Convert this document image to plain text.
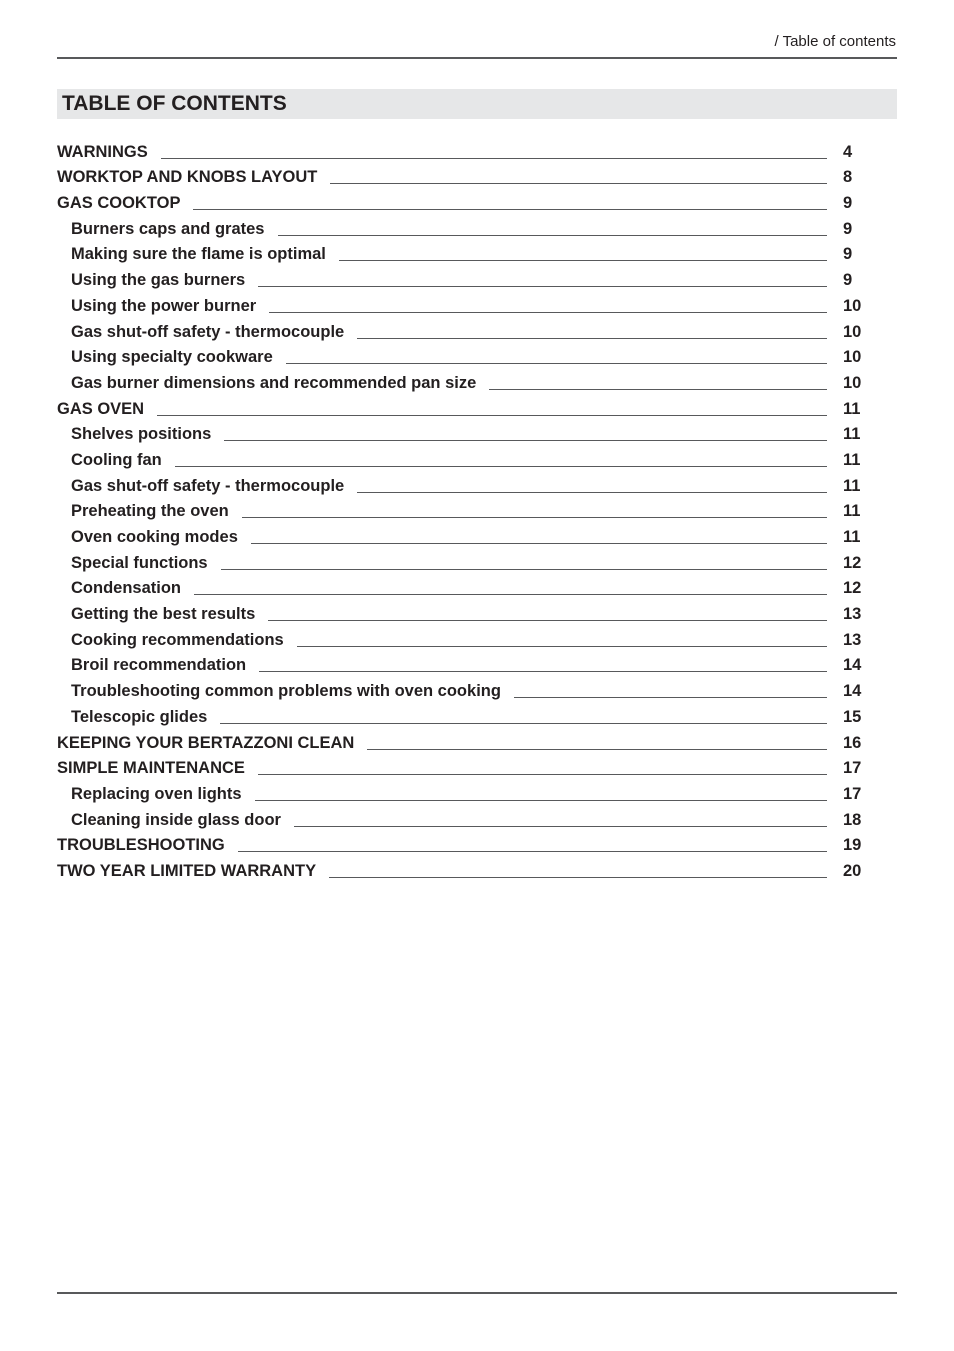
/ Table of contents
TABLE OF CONTENTS
WARNINGS	4
WORKTOP AND KNOBS LAYOUT	8
GAS COOKTOP	9
Burners caps and grates	9
Making sure the flame is optimal	9
Using the gas burners	9
Using the power burner	10
Gas shut-off safety - thermocouple	10
Using specialty cookware	10
Gas burner dimensions and recommended pan size	10
GAS OVEN	11
Shelves positions	11
Cooling fan	11
Gas shut-off safety - thermocouple	11
Preheating the oven	11
Oven cooking modes	11
Special functions	12
Condensation	12
Getting the best results	13
Cooking recommendations	13
Broil recommendation	14
Troubleshooting common problems with oven cooking	14
Telescopic glides	15
KEEPING YOUR BERTAZZONI CLEAN	16
SIMPLE MAINTENANCE	17
Replacing oven lights	17
Cleaning inside glass door	18
TROUBLESHOOTING	19
TWO YEAR LIMITED WARRANTY	20
